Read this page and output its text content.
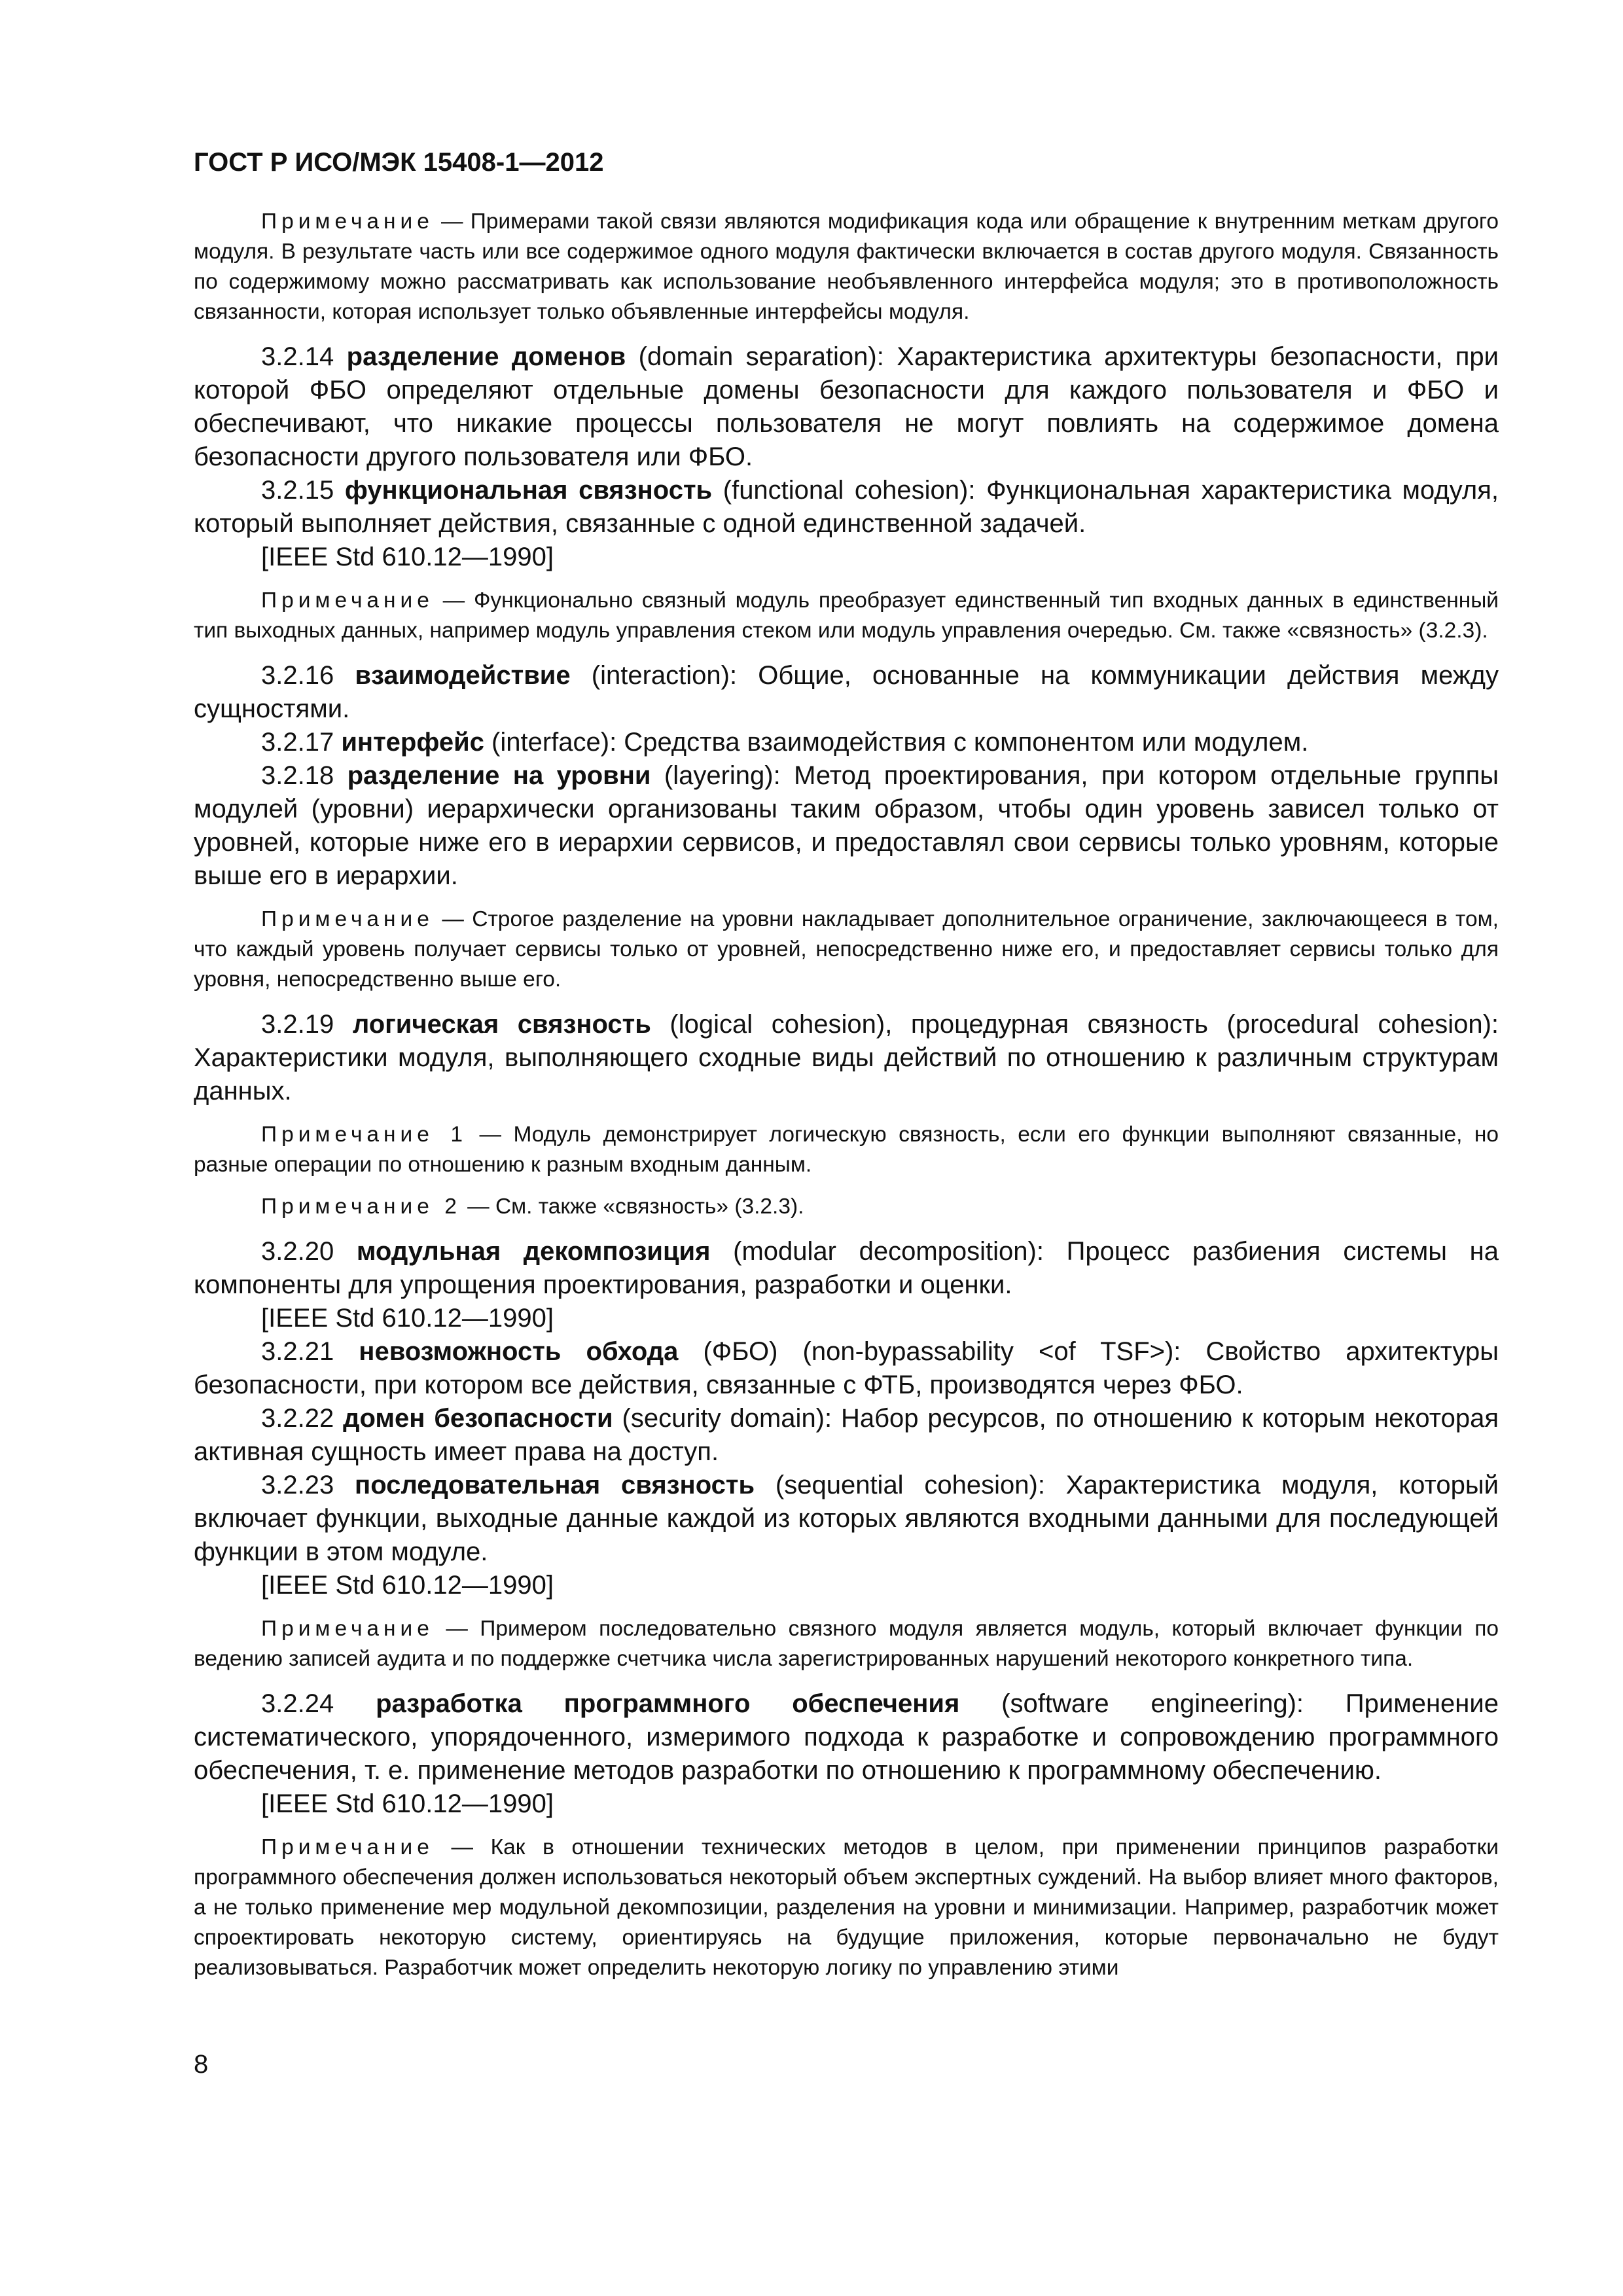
ГОСТ Р ИСО/МЭК 15408-1—2012

Примечание — Примерами такой связи являются модификация кода или обращение к внутренним меткам другого модуля. В результате часть или все содержимое одного модуля фактически включается в состав другого модуля. Связанность по содержимому можно рассматривать как использование необъявленного интерфейса модуля; это в противоположность связанности, которая использует только объявленные интерфейсы модуля.

3.2.14 разделение доменов (domain separation): Характеристика архитектуры безопасности, при которой ФБО определяют отдельные домены безопасности для каждого пользователя и ФБО и обеспечивают, что никакие процессы пользователя не могут повлиять на содержимое домена безопасности другого пользователя или ФБО.

3.2.15 функциональная связность (functional cohesion): Функциональная характеристика модуля, который выполняет действия, связанные с одной единственной задачей.

[IEEE Std 610.12—1990]

Примечание — Функционально связный модуль преобразует единственный тип входных данных в единственный тип выходных данных, например модуль управления стеком или модуль управления очередью. См. также «связность» (3.2.3).

3.2.16 взаимодействие (interaction): Общие, основанные на коммуникации действия между сущностями.

3.2.17 интерфейс (interface): Средства взаимодействия с компонентом или модулем.

3.2.18 разделение на уровни (layering): Метод проектирования, при котором отдельные группы модулей (уровни) иерархически организованы таким образом, чтобы один уровень зависел только от уровней, которые ниже его в иерархии сервисов, и предоставлял свои сервисы только уровням, которые выше его в иерархии.

Примечание — Строгое разделение на уровни накладывает дополнительное ограничение, заключающееся в том, что каждый уровень получает сервисы только от уровней, непосредственно ниже его, и предоставляет сервисы только для уровня, непосредственно выше его.

3.2.19 логическая связность (logical cohesion), процедурная связность (procedural cohesion): Характеристики модуля, выполняющего сходные виды действий по отношению к различным структурам данных.

Примечание 1 — Модуль демонстрирует логическую связность, если его функции выполняют связанные, но разные операции по отношению к разным входным данным.

Примечание 2 — См. также «связность» (3.2.3).

3.2.20 модульная декомпозиция (modular decomposition): Процесс разбиения системы на компоненты для упрощения проектирования, разработки и оценки.

[IEEE Std 610.12—1990]

3.2.21 невозможность обхода (ФБО) (non-bypassability <of TSF>): Свойство архитектуры безопасности, при котором все действия, связанные с ФТБ, производятся через ФБО.

3.2.22 домен безопасности (security domain): Набор ресурсов, по отношению к которым некоторая активная сущность имеет права на доступ.

3.2.23 последовательная связность (sequential cohesion): Характеристика модуля, который включает функции, выходные данные каждой из которых являются входными данными для последующей функции в этом модуле.

[IEEE Std 610.12—1990]

Примечание — Примером последовательно связного модуля является модуль, который включает функции по ведению записей аудита и по поддержке счетчика числа зарегистрированных нарушений некоторого конкретного типа.

3.2.24 разработка программного обеспечения (software engineering): Применение систематического, упорядоченного, измеримого подхода к разработке и сопровождению программного обеспечения, т. е. применение методов разработки по отношению к программному обеспечению.

[IEEE Std 610.12—1990]

Примечание — Как в отношении технических методов в целом, при применении принципов разработки программного обеспечения должен использоваться некоторый объем экспертных суждений. На выбор влияет много факторов, а не только применение мер модульной декомпозиции, разделения на уровни и минимизации. Например, разработчик может спроектировать некоторую систему, ориентируясь на будущие приложения, которые первоначально не будут реализовываться. Разработчик может определить некоторую логику по управлению этими

8
